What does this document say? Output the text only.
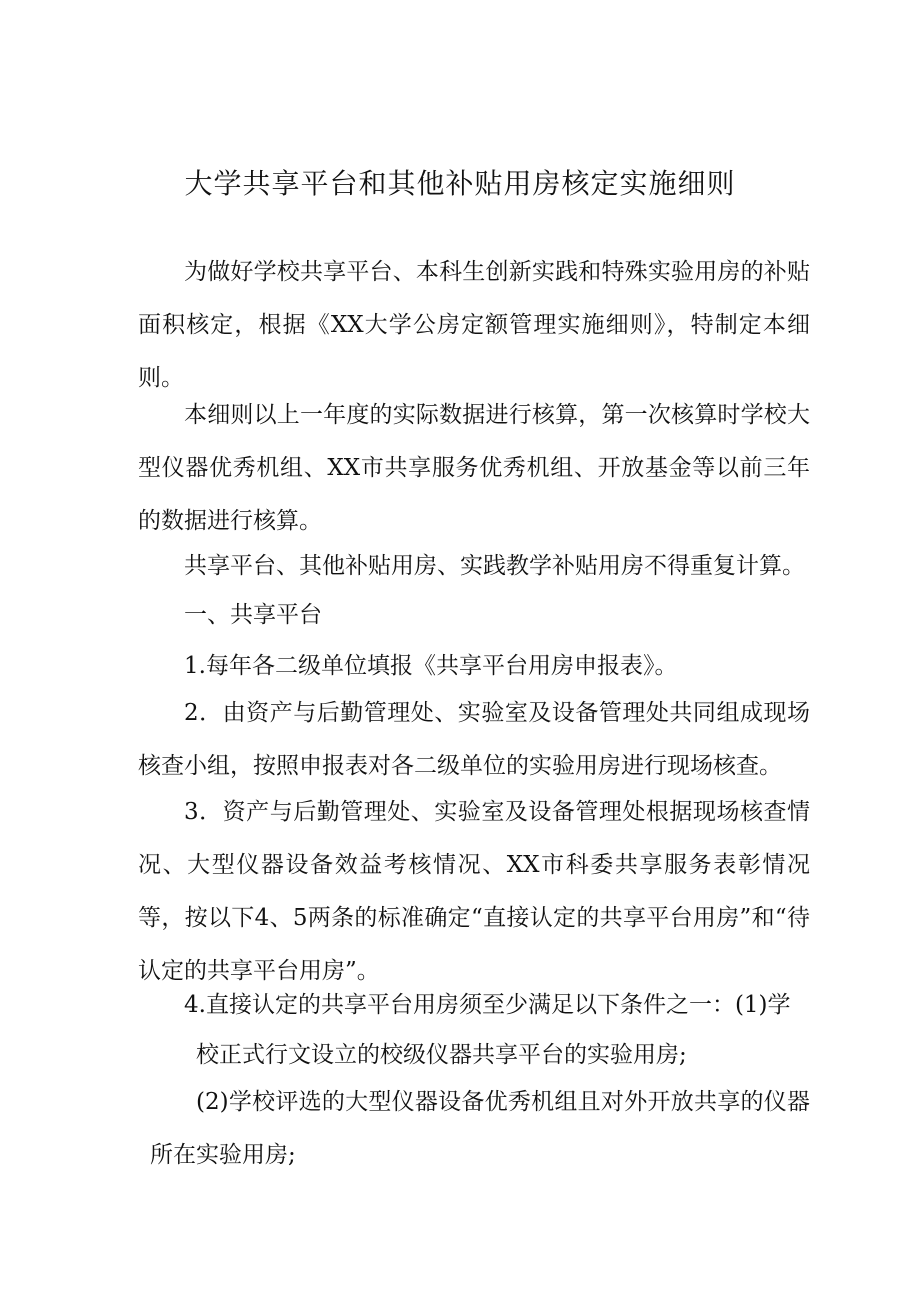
大学共享平台和其他补贴用房核定实施细则

为做好学校共享平台、本科生创新实践和特殊实验用房的补贴面积核定，根据《XX大学公房定额管理实施细则》，特制定本细则。

本细则以上一年度的实际数据进行核算，第一次核算时学校大型仪器优秀机组、XX市共享服务优秀机组、开放基金等以前三年的数据进行核算。

共享平台、其他补贴用房、实践教学补贴用房不得重复计算。

一、共享平台

1.每年各二级单位填报《共享平台用房申报表》。

2．由资产与后勤管理处、实验室及设备管理处共同组成现场核查小组，按照申报表对各二级单位的实验用房进行现场核查。

3．资产与后勤管理处、实验室及设备管理处根据现场核查情况、大型仪器设备效益考核情况、XX市科委共享服务表彰情况等，按以下4、5两条的标准确定“直接认定的共享平台用房”和“待认定的共享平台用房”。

4.直接认定的共享平台用房须至少满足以下条件之一：(1)学

校正式行文设立的校级仪器共享平台的实验用房;

(2)学校评选的大型仪器设备优秀机组且对外开放共享的仪器所在实验用房;
